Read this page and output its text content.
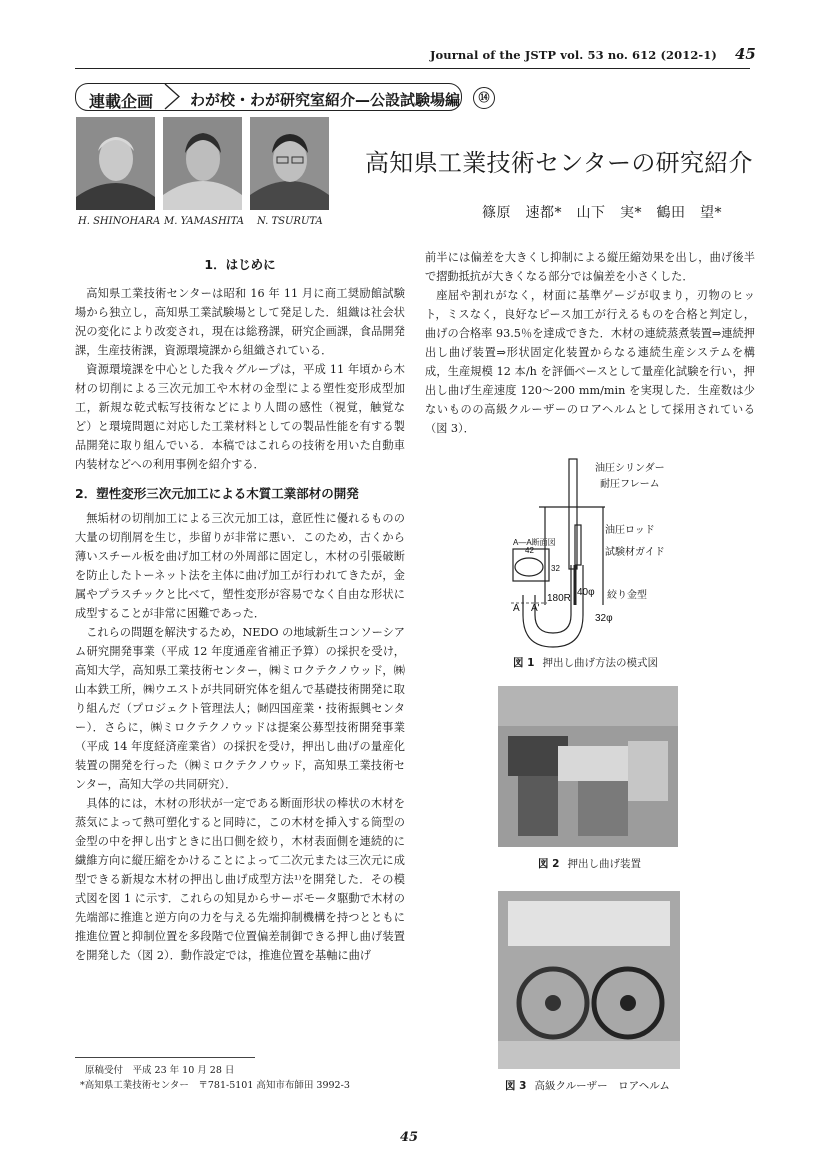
Journal of the JSTP vol. 53 no. 612 (2012-1)	45
連載企画 わが校・わが研究室紹介—公設試験場編	⑭
H. SHINOHARA M. YAMASHITA	N. TSURUTA
高知県工業技術センターの研究紹介
篠原　速都*　山下　実*　鶴田　望*
1．はじめに

高知県工業技術センターは昭和 16 年 11 月に商工奨励館試験場から独立し，高知県工業試験場として発足した．組織は社会状況の変化により改変され，現在は総務課，研究企画課，食品開発課，生産技術課，資源環境課から組織されている．

資源環境課を中心とした我々グループは，平成 11 年頃から木材の切削による三次元加工や木材の金型による塑性変形成型加工，新規な乾式転写技術などにより人間の感性（視覚，触覚など）と環境問題に対応した工業材料としての製品性能を有する製品開発に取り組んでいる．本稿ではこれらの技術を用いた自動車内装材などへの利用事例を紹介する．

2．塑性変形三次元加工による木質工業部材の開発

無垢材の切削加工による三次元加工は，意匠性に優れるものの大量の切削屑を生じ，歩留りが非常に悪い．このため，古くから薄いスチール板を曲げ加工材の外周部に固定し，木材の引張破断を防止したトーネット法を主体に曲げ加工が行われてきたが，金属やプラスチックと比べて，塑性変形が容易でなく自由な形状に成型することが非常に困難であった．

これらの問題を解決するため，NEDO の地域新生コンソーシアム研究開発事業（平成 12 年度通産省補正予算）の採択を受け，高知大学，高知県工業技術センター，㈱ミロクテクノウッド，㈱山本鉄工所，㈱ウエストが共同研究体を組んで基礎技術開発に取り組んだ（プロジェクト管理法人；㈶四国産業・技術振興センター）．さらに，㈱ミロクテクノウッドは提案公募型技術開発事業（平成 14 年度経済産業省）の採択を受け，押出し曲げの量産化装置の開発を行った（㈱ミロクテクノウッド，高知県工業技術センター，高知大学の共同研究）．

具体的には，木材の形状が一定である断面形状の棒状の木材を蒸気によって熱可塑化すると同時に，この木材を挿入する筒型の金型の中を押し出すときに出口側を絞り，木材表面側を連続的に繊維方向に縦圧縮をかけることによって二次元または三次元に成型できる新規な木材の押出し曲げ成型方法¹⁾を開発した．その模式図を図 1 に示す．これらの知見からサーボモータ駆動で木材の先端部に推進と逆方向の力を与える先端抑制機構を持つとともに推進位置と抑制位置を多段階で位置偏差制御できる押し曲げ装置を開発した（図 2）．動作設定では，推進位置を基軸に曲げ

前半には偏差を大きくし抑制による縦圧縮効果を出し，曲げ後半で摺動抵抗が大きくなる部分では偏差を小さくした．

座屈や割れがなく，材面に基準ゲージが収まり，刃物のヒット，ミスなく，良好なピース加工が行えるものを合格と判定し，曲げの合格率 93.5％を達成できた．木材の連続蒸煮装置⇒連続押出し曲げ装置⇒形状固定化装置からなる連続生産システムを構成，生産規模 12 本/h を評価ベースとして量産化試験を行い，押出し曲げ生産速度 120〜200 mm/min を実現した．生産数は少ないものの高級クルーザーのロアヘルムとして採用されている（図 3）．

油圧シリンダー
耐圧フレーム
油圧ロッド
試験材ガイド
絞り金型
A—A断面図
42
32
40φ
32φ
180R
A A'
図 1 押出し曲げ方法の模式図
図 2 押出し曲げ装置
図 3 高級クルーザー　ロアヘルム
原稿受付　平成 23 年 10 月 28 日
*高知県工業技術センター　〒781-5101 高知市布師田 3992-3
45
